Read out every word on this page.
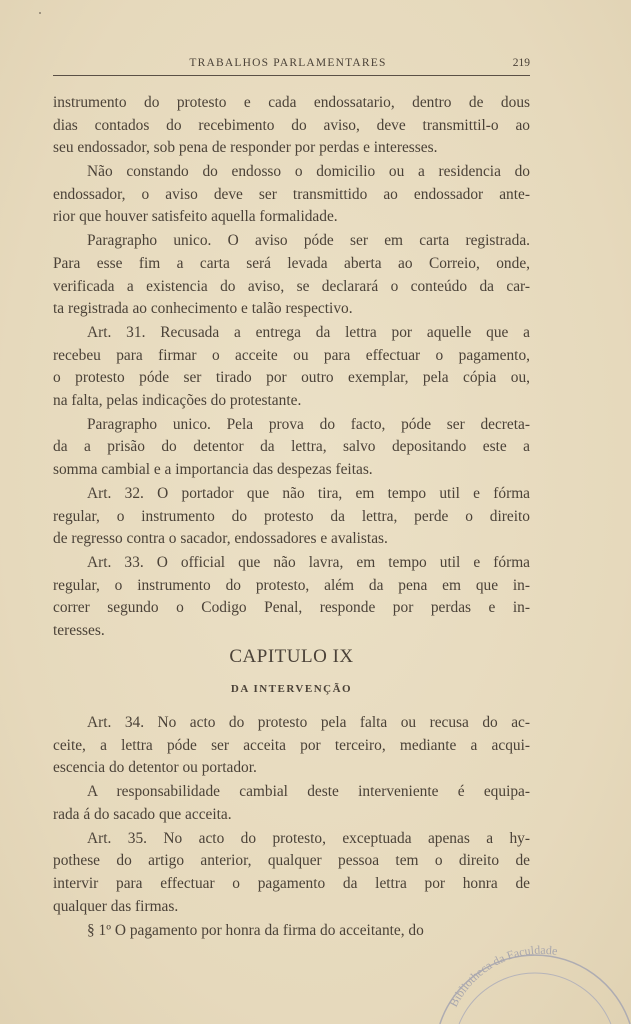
TRABALHOS PARLAMENTARES	219
instrumento do protesto e cada endossatario, dentro de dous
dias contados do recebimento do aviso, deve transmittil-o ao
seu endossador, sob pena de responder por perdas e interesses.
Não constando do endosso o domicilio ou a residencia do
endossador, o aviso deve ser transmittido ao endossador ante-
rior que houver satisfeito aquella formalidade.
Paragrapho unico. O aviso póde ser em carta registrada.
Para esse fim a carta será levada aberta ao Correio, onde,
verificada a existencia do aviso, se declarará o conteúdo da car-
ta registrada ao conhecimento e talão respectivo.
Art. 31. Recusada a entrega da lettra por aquelle que a
recebeu para firmar o acceite ou para effectuar o pagamento,
o protesto póde ser tirado por outro exemplar, pela cópia ou,
na falta, pelas indicações do protestante.
Paragrapho unico. Pela prova do facto, póde ser decreta-
da a prisão do detentor da lettra, salvo depositando este a
somma cambial e a importancia das despezas feitas.
Art. 32. O portador que não tira, em tempo util e fórma
regular, o instrumento do protesto da lettra, perde o direito
de regresso contra o sacador, endossadores e avalistas.
Art. 33. O official que não lavra, em tempo util e fórma
regular, o instrumento do protesto, além da pena em que in-
correr segundo o Codigo Penal, responde por perdas e in-
teresses.
CAPITULO IX
DA INTERVENÇÃO
Art. 34. No acto do protesto pela falta ou recusa do ac-
ceite, a lettra póde ser acceita por terceiro, mediante a acqui-
escencia do detentor ou portador.
A responsabilidade cambial deste interveniente é equipa-
rada á do sacado que acceita.
Art. 35. No acto do protesto, exceptuada apenas a hy-
pothese do artigo anterior, qualquer pessoa tem o direito de
intervir para effectuar o pagamento da lettra por honra de
qualquer das firmas.
§ 1º O pagamento por honra da firma do acceitante, do
Bibliotheca da Faculdade
